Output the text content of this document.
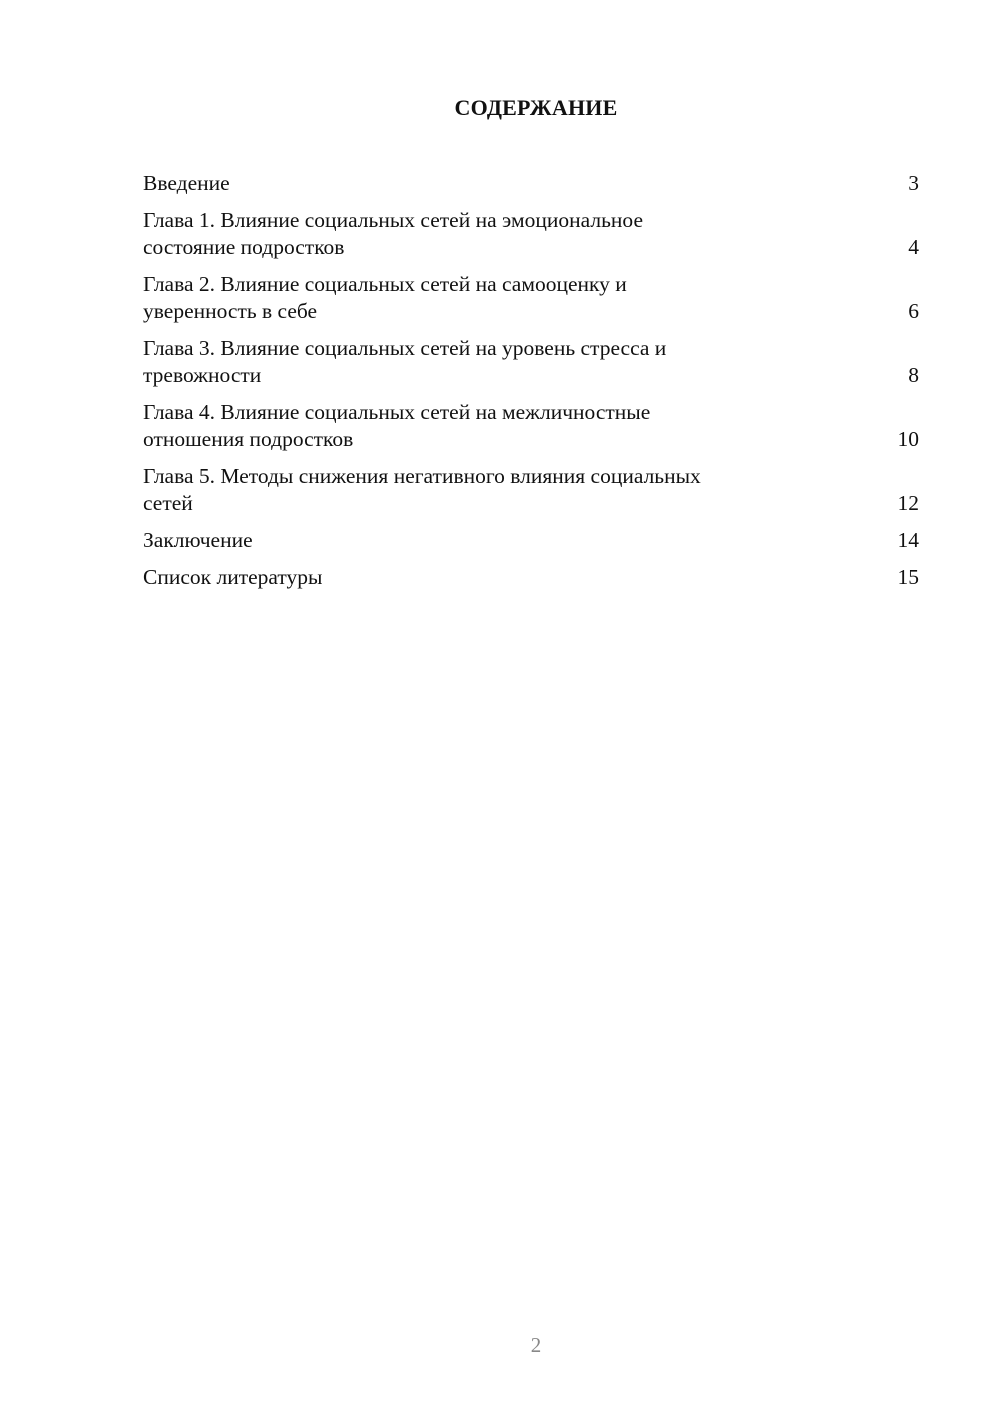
СОДЕРЖАНИЕ
Введение	3
Глава 1. Влияние социальных сетей на эмоциональное
состояние подростков	4
Глава 2. Влияние социальных сетей на самооценку и
уверенность в себе	6
Глава 3. Влияние социальных сетей на уровень стресса и
тревожности	8
Глава 4. Влияние социальных сетей на межличностные
отношения подростков	10
Глава 5. Методы снижения негативного влияния социальных
сетей	12
Заключение	14
Список литературы	15
2
